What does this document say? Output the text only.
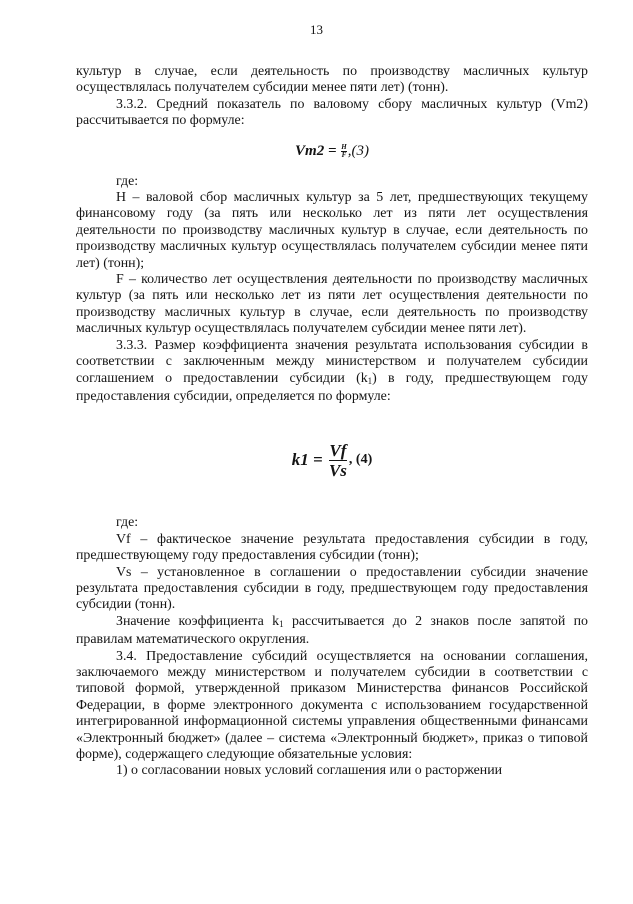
13

культур в случае, если деятельность по производству масличных культур осуществлялась получателем субсидии менее пяти лет) (тонн).

3.3.2. Средний показатель по валовому сбору масличных культур (Vm2) рассчитывается по формуле:

$Vm2 = \frac{H}{F} ,(3)$

где:

H – валовой сбор масличных культур за 5 лет, предшествующих текущему финансовому году (за пять или несколько лет из пяти лет осуществления деятельности по производству масличных культур в случае, если деятельность по производству масличных культур осуществлялась получателем субсидии менее пяти лет) (тонн);

F – количество лет осуществления деятельности по производству масличных культур (за пять или несколько лет из пяти лет осуществления деятельности по производству масличных культур в случае, если деятельность по производству масличных культур осуществлялась получателем субсидии менее пяти лет).

3.3.3. Размер коэффициента значения результата использования субсидии в соответствии с заключенным между министерством и получателем субсидии соглашением о предоставлении субсидии $(k_1)$ в году, предшествующем году предоставления субсидии, определяется по формуле:

$k1 = \frac{Vf}{Vs}$ , (4)

где:

Vf – фактическое значение результата предоставления субсидии в году, предшествующему году предоставления субсидии (тонн);

Vs – установленное в соглашении о предоставлении субсидии значение результата предоставления субсидии в году, предшествующем году предоставления субсидии (тонн).

Значение коэффициента $k_1$ рассчитывается до 2 знаков после запятой по правилам математического округления.

3.4. Предоставление субсидий осуществляется на основании соглашения, заключаемого между министерством и получателем субсидии в соответствии с типовой формой, утвержденной приказом Министерства финансов Российской Федерации, в форме электронного документа с использованием государственной интегрированной информационной системы управления общественными финансами «Электронный бюджет» (далее – система «Электронный бюджет», приказ о типовой форме), содержащего следующие обязательные условия:

1) о согласовании новых условий соглашения или о расторжении
